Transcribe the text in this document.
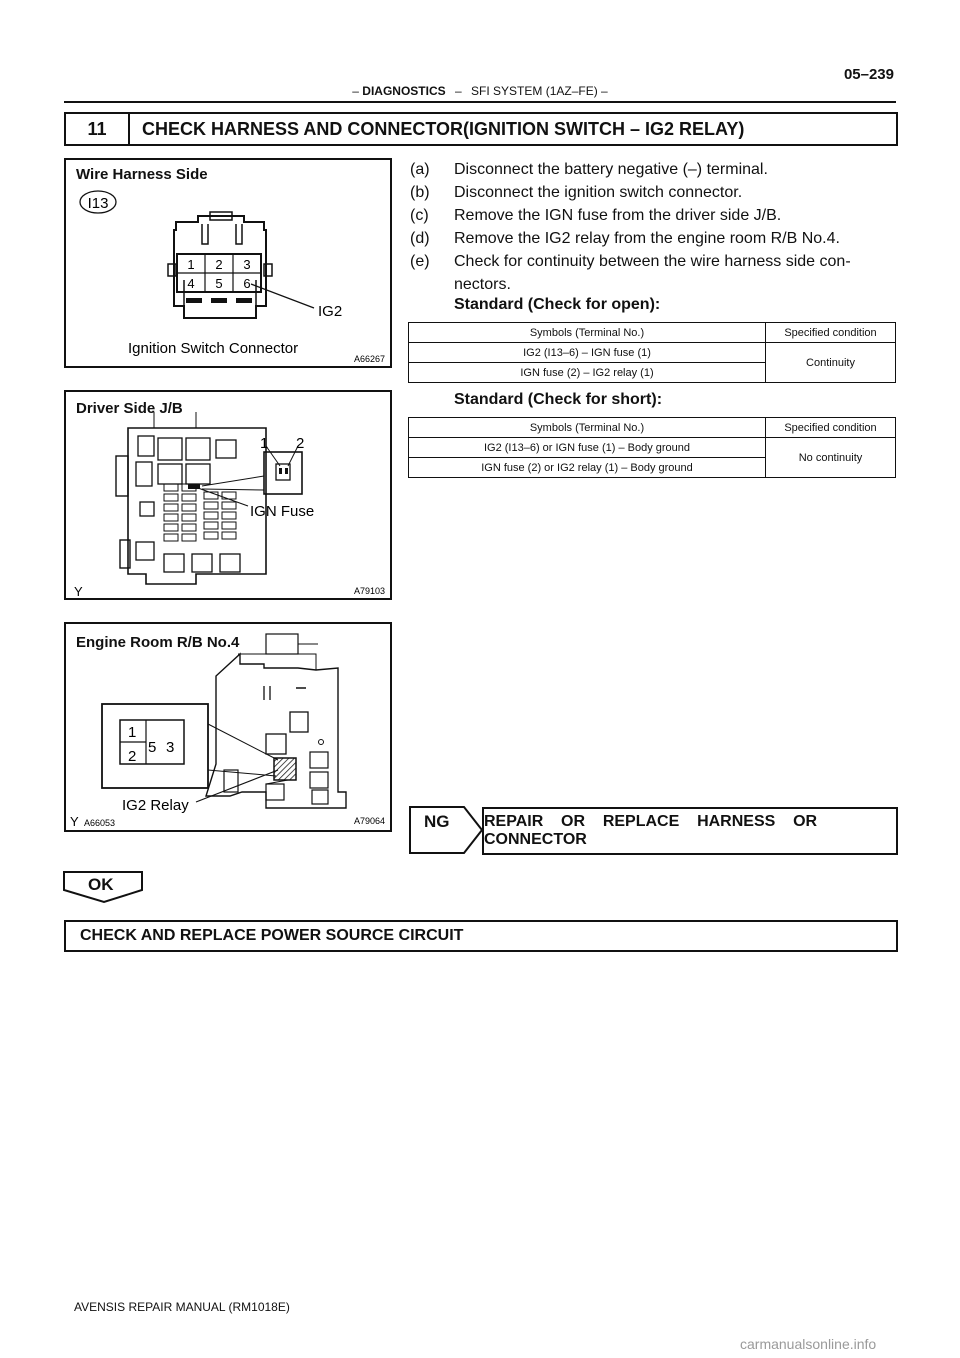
– DIAGNOSTICS – SFI SYSTEM (1AZ–FE) –
05–239
11	CHECK HARNESS AND CONNECTOR(IGNITION SWITCH – IG2 RELAY)
Wire Harness Side
I13
1 2 3
4 5 6
IG2
Ignition Switch Connector
A66267
Driver Side J/B
1 2
IGN Fuse
Y	A79103
Engine Room R/B No.4
1
2
5 3
IG2 Relay
Y A66053	A79064
(a)	Disconnect the battery negative (–) terminal.
(b)	Disconnect the ignition switch connector.
(c)	Remove the IGN fuse from the driver side J/B.
(d)	Remove the IG2 relay from the engine room R/B No.4.
(e)	Check for continuity between the wire harness side con-
nectors.
Standard (Check for open):
Symbols (Terminal No.)	Specified condition
IG2 (I13–6) – IGN fuse (1)	Continuity
IGN fuse (2) – IG2 relay (1)	
Standard (Check for short):
Symbols (Terminal No.)	Specified condition
IG2 (I13–6) or IGN fuse (1) – Body ground	No continuity
IGN fuse (2) or IG2 relay (1) – Body ground	
NG REPAIR    OR    REPLACE    HARNESS    OR
CONNECTOR
OK
CHECK AND REPLACE POWER SOURCE CIRCUIT
AVENSIS REPAIR MANUAL (RM1018E)
carmanualsonline.info
